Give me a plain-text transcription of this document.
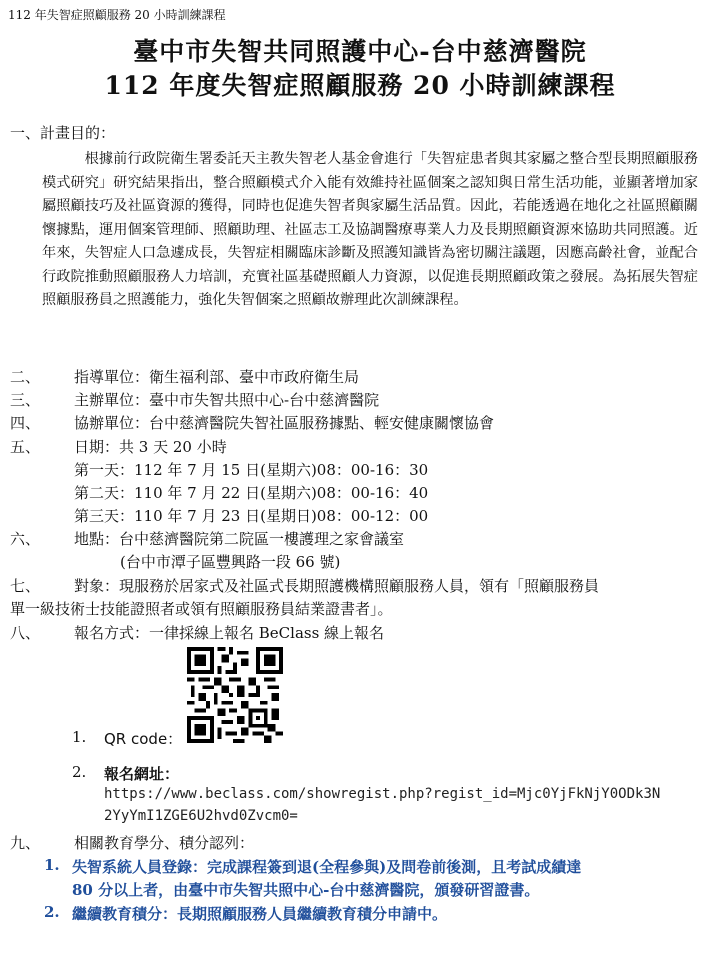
112 年失智症照顧服務 20 小時訓練課程
臺中市失智共同照護中心-台中慈濟醫院
112 年度失智症照顧服務 20 小時訓練課程
一、計畫目的：
根據前行政院衛生署委託天主教失智老人基金會進行「失智症患者與其家屬之整合型長期照顧服務模式研究」研究結果指出，整合照顧模式介入能有效維持社區個案之認知與日常生活功能，並顯著增加家屬照顧技巧及社區資源的獲得，同時也促進失智者與家屬生活品質。因此，若能透過在地化之社區照顧關懷據點，運用個案管理師、照顧助理、社區志工及協調醫療專業人力及長期照顧資源來協助共同照護。近年來，失智症人口急遽成長，失智症相關臨床診斷及照護知識皆為密切關注議題，因應高齡社會，並配合行政院推動照顧服務人力培訓，充實社區基礎照顧人力資源，以促進長期照顧政策之發展。為拓展失智症照顧服務員之照護能力，強化失智個案之照顧故辦理此次訓練課程。
二、 指導單位：衛生福利部、臺中市政府衛生局
三、 主辦單位：臺中市失智共照中心-台中慈濟醫院
四、 協辦單位：台中慈濟醫院失智社區服務據點、輕安健康關懷協會
五、 日期：共 3 天 20 小時
第一天：112 年 7 月 15 日(星期六)08：00-16：30
第二天：110 年 7 月 22 日(星期六)08：00-16：40
第三天：110 年 7 月 23 日(星期日)08：00-12：00
六、 地點：台中慈濟醫院第二院區一樓護理之家會議室
(台中市潭子區豐興路一段 66 號)
七、 對象：現服務於居家式及社區式長期照護機構照顧服務人員，領有「照顧服務員
單一級技術士技能證照者或領有照顧服務員結業證書者」。
八、 報名方式：一律採線上報名 BeClass 線上報名
1. QR code：
2. 報名網址：
https://www.beclass.com/showregist.php?regist_id=Mjc0YjFkNjY0ODk3N
2YyYmI1ZGE6U2hvd0Zvcm0=
九、 相關教育學分、積分認列：
1. 失智系統人員登錄：完成課程簽到退(全程參與)及問卷前後測，且考試成績達
80 分以上者，由臺中市失智共照中心-台中慈濟醫院，頒發研習證書。
2. 繼續教育積分：長期照顧服務人員繼續教育積分申請中。
